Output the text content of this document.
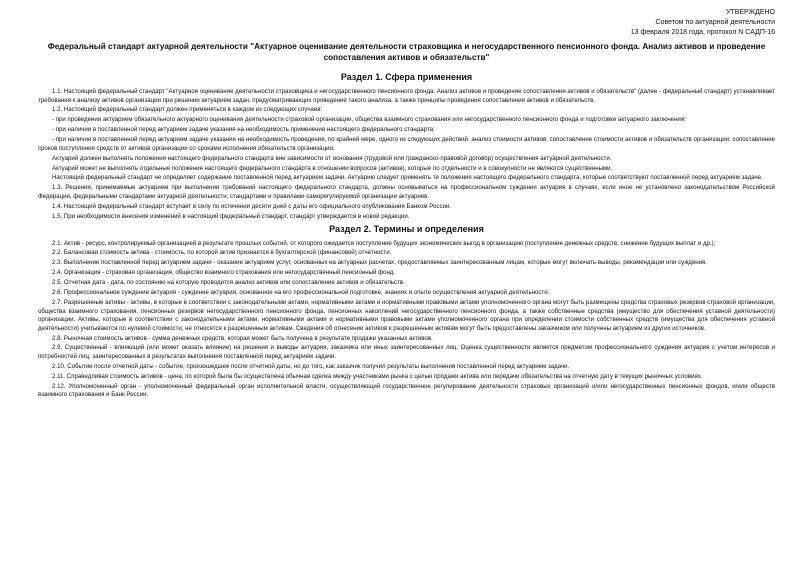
УТВЕРЖДЕНО
Советом по актуарной деятельности
13 февраля 2018 года, протокол N САДП-16
Федеральный стандарт актуарной деятельности "Актуарное оценивание деятельности страховщика и негосударственного пенсионного фонда. Анализ активов и проведение сопоставления активов и обязательств"
Раздел 1. Сфера применения

1.1. Настоящий федеральный стандарт "Актуарное оценивание деятельности страховщика и негосударственного пенсионного фонда. Анализ активов и проведение сопоставления активов и обязательств" (далее - федеральный стандарт) устанавливает требования к анализу активов организации при решении актуарием задач, предусматривающих проведение такого анализа, а также принципы проведения сопоставления активов и обязательств.

1.2. Настоящий федеральный стандарт должен применяться в каждом из следующих случаев:

- при проведении актуарием обязательного актуарного оценивания деятельности страховой организации, общества взаимного страхования или негосударственного пенсионного фонда и подготовке актуарного заключения;

- при наличии в поставленной перед актуарием задаче указания на необходимость применения настоящего федерального стандарта;

- при наличии в поставленной перед актуарием задаче указания на необходимость проведения, по крайней мере, одного из следующих действий: анализ стоимости активов; сопоставление стоимости активов и обязательств организации; сопоставление сроков поступления средств от активов организации со сроками исполнения обязательств организации.

Актуарий должен выполнять положения настоящего федерального стандарта вне зависимости от основания (трудовой или гражданско-правовой договор) осуществления актуарной деятельности.

Актуарий может не выполнять отдельные положения настоящего федерального стандарта в отношении вопросов (активов), которые по отдельности и в совокупности не являются существенными.

Настоящий федеральный стандарт не определяет содержание поставленной перед актуарием задачи. Актуарию следует применять те положения настоящего федерального стандарта, которые соответствуют поставленной перед актуарием задаче.

1.3. Решения, принимаемые актуарием при выполнении требований настоящего федерального стандарта, должны основываться на профессиональном суждении актуария в случаях, если иное не установлено законодательством Российской Федерации, федеральными стандартами актуарной деятельности, стандартами и правилами саморегулируемой организации актуариев.

1.4. Настоящий федеральный стандарт вступает в силу по истечении десяти дней с даты его официального опубликования Банком России.

1.5. При необходимости внесения изменений в настоящий федеральный стандарт, стандарт утверждается в новой редакции.

Раздел 2. Термины и определения

2.1. Актив - ресурс, контролируемый организацией в результате прошлых событий, от которого ожидается поступление будущих экономических выгод в организацию (поступление денежных средств, снижение будущих выплат и др.).

2.2. Балансовая стоимость актива - стоимость, по которой актив признается в бухгалтерской (финансовой) отчетности.

2.3. Выполнение поставленной перед актуарием задачи - оказание актуарием услуг, основанных на актуарных расчетах, предоставляемых заинтересованным лицам, которые могут включать выводы, рекомендации или суждения.

2.4. Организация - страховая организация, общество взаимного страхования или негосударственный пенсионный фонд.

2.5. Отчетная дата - дата, по состоянию на которую проводится анализ активов или сопоставление активов и обязательств.

2.6. Профессиональное суждение актуария - суждение актуария, основанное на его профессиональной подготовке, знаниях и опыте осуществления актуарной деятельности.

2.7. Разрешенные активы - активы, в которые в соответствии с законодательными актами, нормативными актами и нормативными правовыми актами уполномоченного органа могут быть размещены средства страховых резервов страховой организации, общества взаимного страхования, пенсионных резервов негосударственного пенсионного фонда, пенсионных накоплений негосударственного пенсионного фонда, а также собственные средства (имущество для обеспечения уставной деятельности) организации. Активы, которые в соответствии с законодательными актами, нормативными актами и нормативными правовыми актами уполномоченного органа при определении стоимости собственных средств (имущества для обеспечения уставной деятельности) учитываются по нулевой стоимости, не относятся к разрешенным активам. Сведения об отнесении активов к разрешенным активам могут быть предоставлены заказчиком или получены актуарием из других источников.

2.8. Рыночная стоимость активов - сумма денежных средств, которая может быть получена в результате продажи указанных активов.

2.9. Существенный - влияющий (или может оказать влияние) на решения и выводы актуария, заказчика или иных заинтересованных лиц. Оценка существенности является предметом профессионального суждения актуария с учетом интересов и потребностей лиц, заинтересованных в результатах выполнения поставленной перед актуарием задачи.

2.10. Событие после отчетной даты - событие, произошедшее после отчетной даты, но до того, как заказчик получил результаты выполнения поставленной перед актуарием задачи.

2.11. Справедливая стоимость активов - цена, по которой была бы осуществлена обычная сделка между участниками рынка с целью продажи актива или передачи обязательства на отчетную дату в текущих рыночных условиях.

2.12. Уполномоченный орган - уполномоченный федеральный орган исполнительной власти, осуществляющий государственное регулирование деятельности страховых организаций и/или негосударственных пенсионных фондов, и/или обществ взаимного страхования и Банк России.
